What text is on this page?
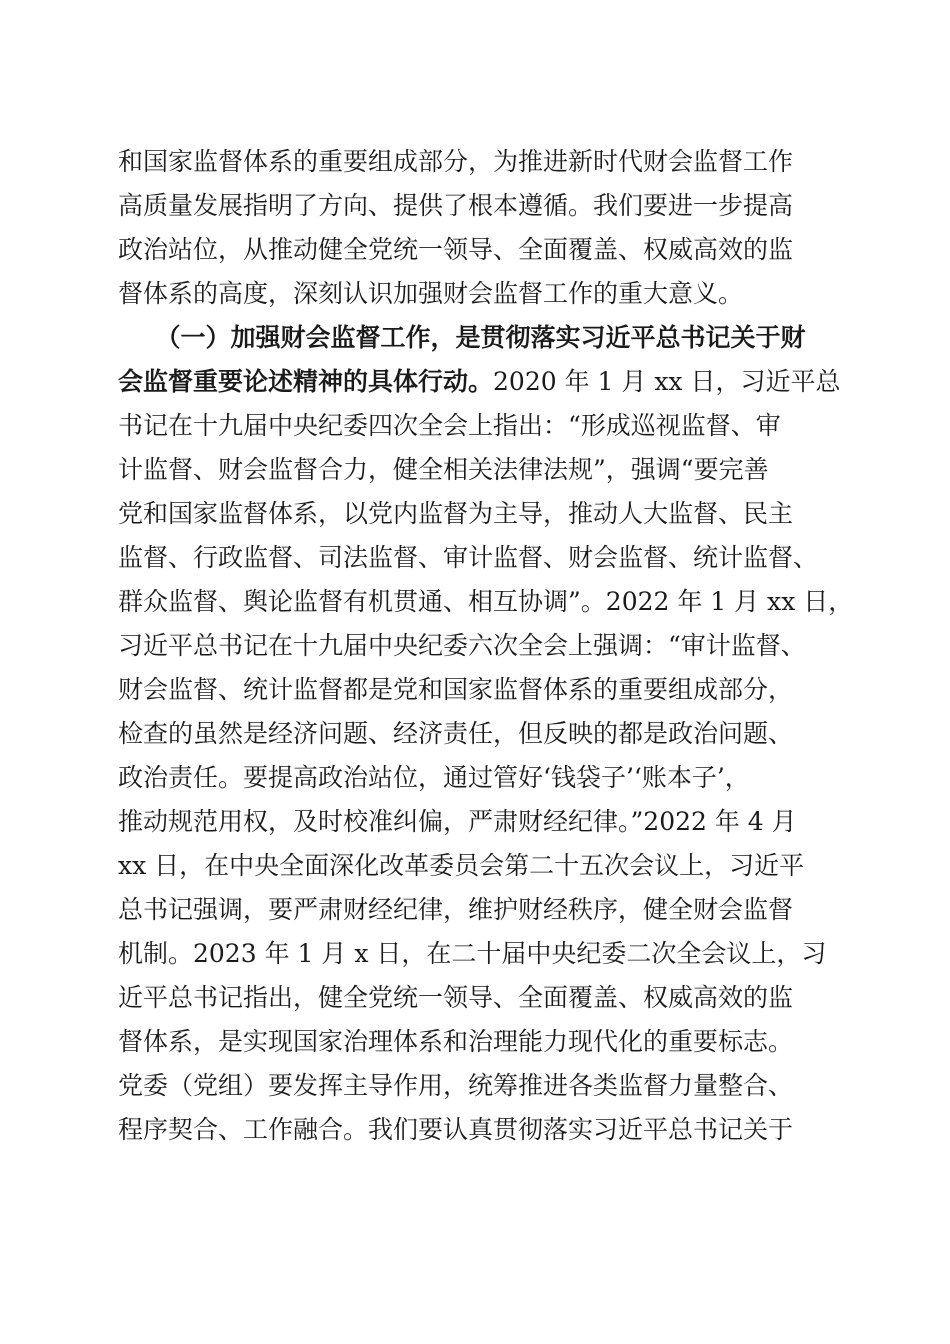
和国家监督体系的重要组成部分，为推进新时代财会监督工作
高质量发展指明了方向、提供了根本遵循。我们要进一步提高
政治站位，从推动健全党统一领导、全面覆盖、权威高效的监
督体系的高度，深刻认识加强财会监督工作的重大意义。
　　（一）加强财会监督工作，是贯彻落实习近平总书记关于财
会监督重要论述精神的具体行动。2020 年 1 月 xx 日，习近平总
书记在十九届中央纪委四次全会上指出：“形成巡视监督、审
计监督、财会监督合力，健全相关法律法规”，强调“要完善
党和国家监督体系，以党内监督为主导，推动人大监督、民主
监督、行政监督、司法监督、审计监督、财会监督、统计监督、
群众监督、舆论监督有机贯通、相互协调”。2022 年 1 月 xx 日，
习近平总书记在十九届中央纪委六次全会上强调：“审计监督、
财会监督、统计监督都是党和国家监督体系的重要组成部分，
检查的虽然是经济问题、经济责任，但反映的都是政治问题、
政治责任。要提高政治站位，通过管好‘钱袋子’‘账本子’，
推动规范用权，及时校准纠偏，严肃财经纪律。”2022 年 4 月
xx 日，在中央全面深化改革委员会第二十五次会议上，习近平
总书记强调，要严肃财经纪律，维护财经秩序，健全财会监督
机制。2023 年 1 月 x 日，在二十届中央纪委二次全会议上，习
近平总书记指出，健全党统一领导、全面覆盖、权威高效的监
督体系，是实现国家治理体系和治理能力现代化的重要标志。
党委（党组）要发挥主导作用，统筹推进各类监督力量整合、
程序契合、工作融合。我们要认真贯彻落实习近平总书记关于
